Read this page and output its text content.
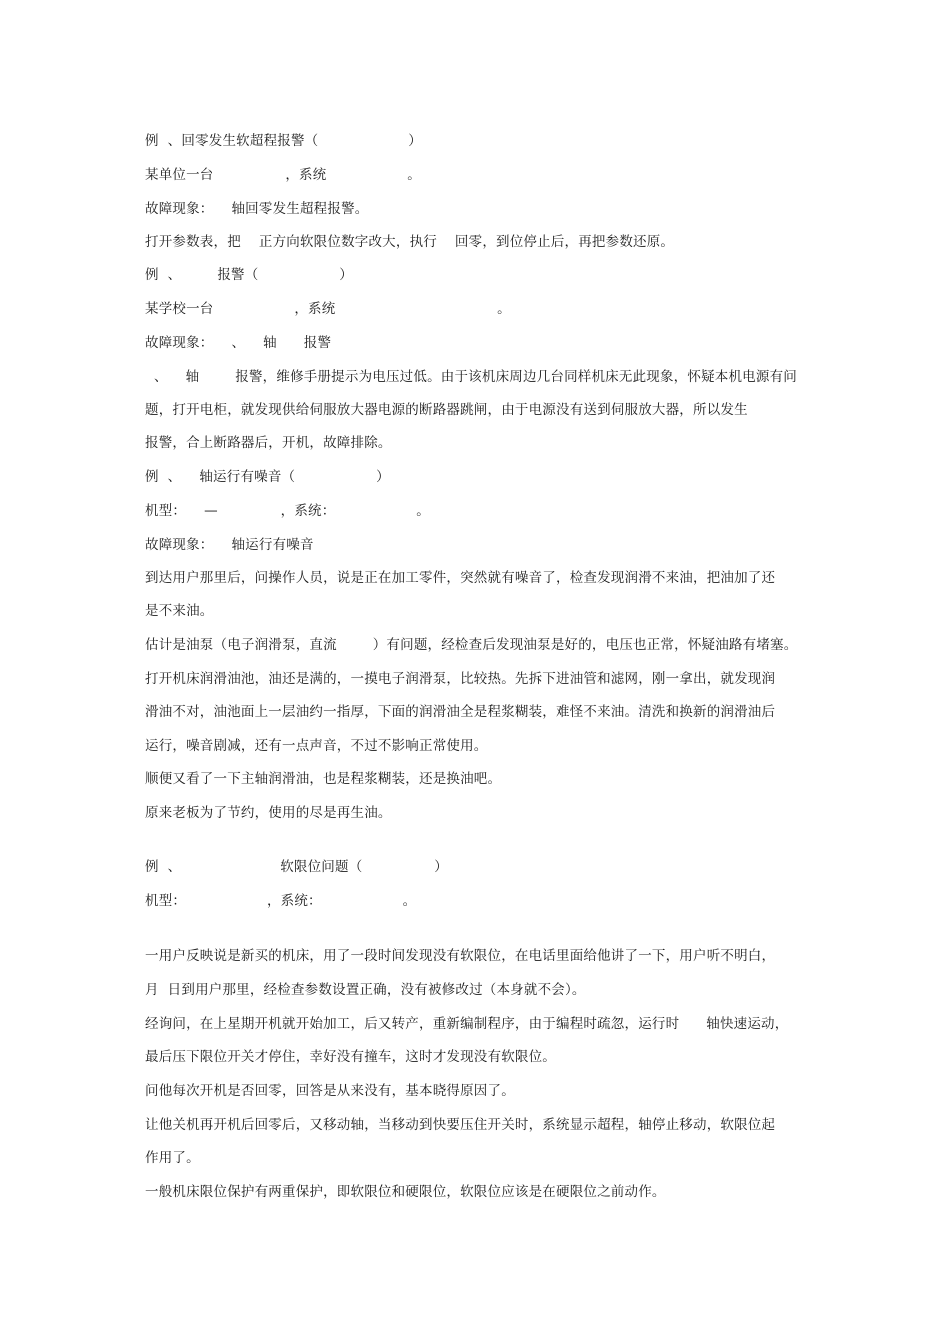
例  、回零发生软超程报警（                    ）
某单位一台                ，系统                  。
故障现象：    轴回零发生超程报警。
打开参数表，把    正方向软限位数字改大，执行    回零，到位停止后，再把参数还原。
例  、        报警（                  ）
某学校一台                  ，系统                                    。
故障现象：    、    轴      报警
、    轴        报警，维修手册提示为电压过低。由于该机床周边几台同样机床无此现象，怀疑本机电源有问
题，打开电柜，就发现供给伺服放大器电源的断路器跳闸，由于电源没有送到伺服放大器，所以发生
报警，合上断路器后，开机，故障排除。
例  、    轴运行有噪音（                  ）
机型：    —              ，系统：                  。
故障现象：    轴运行有噪音
到达用户那里后，问操作人员，说是正在加工零件，突然就有噪音了，检查发现润滑不来油，把油加了还
是不来油。
估计是油泵（电子润滑泵，直流        ）有问题，经检查后发现油泵是好的，电压也正常，怀疑油路有堵塞。
打开机床润滑油池，油还是满的，一摸电子润滑泵，比较热。先拆下进油管和滤网，刚一拿出，就发现润
滑油不对，油池面上一层油约一指厚，下面的润滑油全是程浆糊装，难怪不来油。清洗和换新的润滑油后
运行，噪音剧减，还有一点声音，不过不影响正常使用。
顺便又看了一下主轴润滑油，也是程浆糊装，还是换油吧。
原来老板为了节约，使用的尽是再生油。
例  、                      软限位问题（                ）
机型：                  ，系统：                  。
一用户反映说是新买的机床，用了一段时间发现没有软限位，在电话里面给他讲了一下，用户听不明白，
月  日到用户那里，经检查参数设置正确，没有被修改过（本身就不会）。
经询问，在上星期开机就开始加工，后又转产，重新编制程序，由于编程时疏忽，运行时      轴快速运动，
最后压下限位开关才停住，幸好没有撞车，这时才发现没有软限位。
问他每次开机是否回零，回答是从来没有，基本晓得原因了。
让他关机再开机后回零后，又移动轴，当移动到快要压住开关时，系统显示超程，轴停止移动，软限位起
作用了。
一般机床限位保护有两重保护，即软限位和硬限位，软限位应该是在硬限位之前动作。
